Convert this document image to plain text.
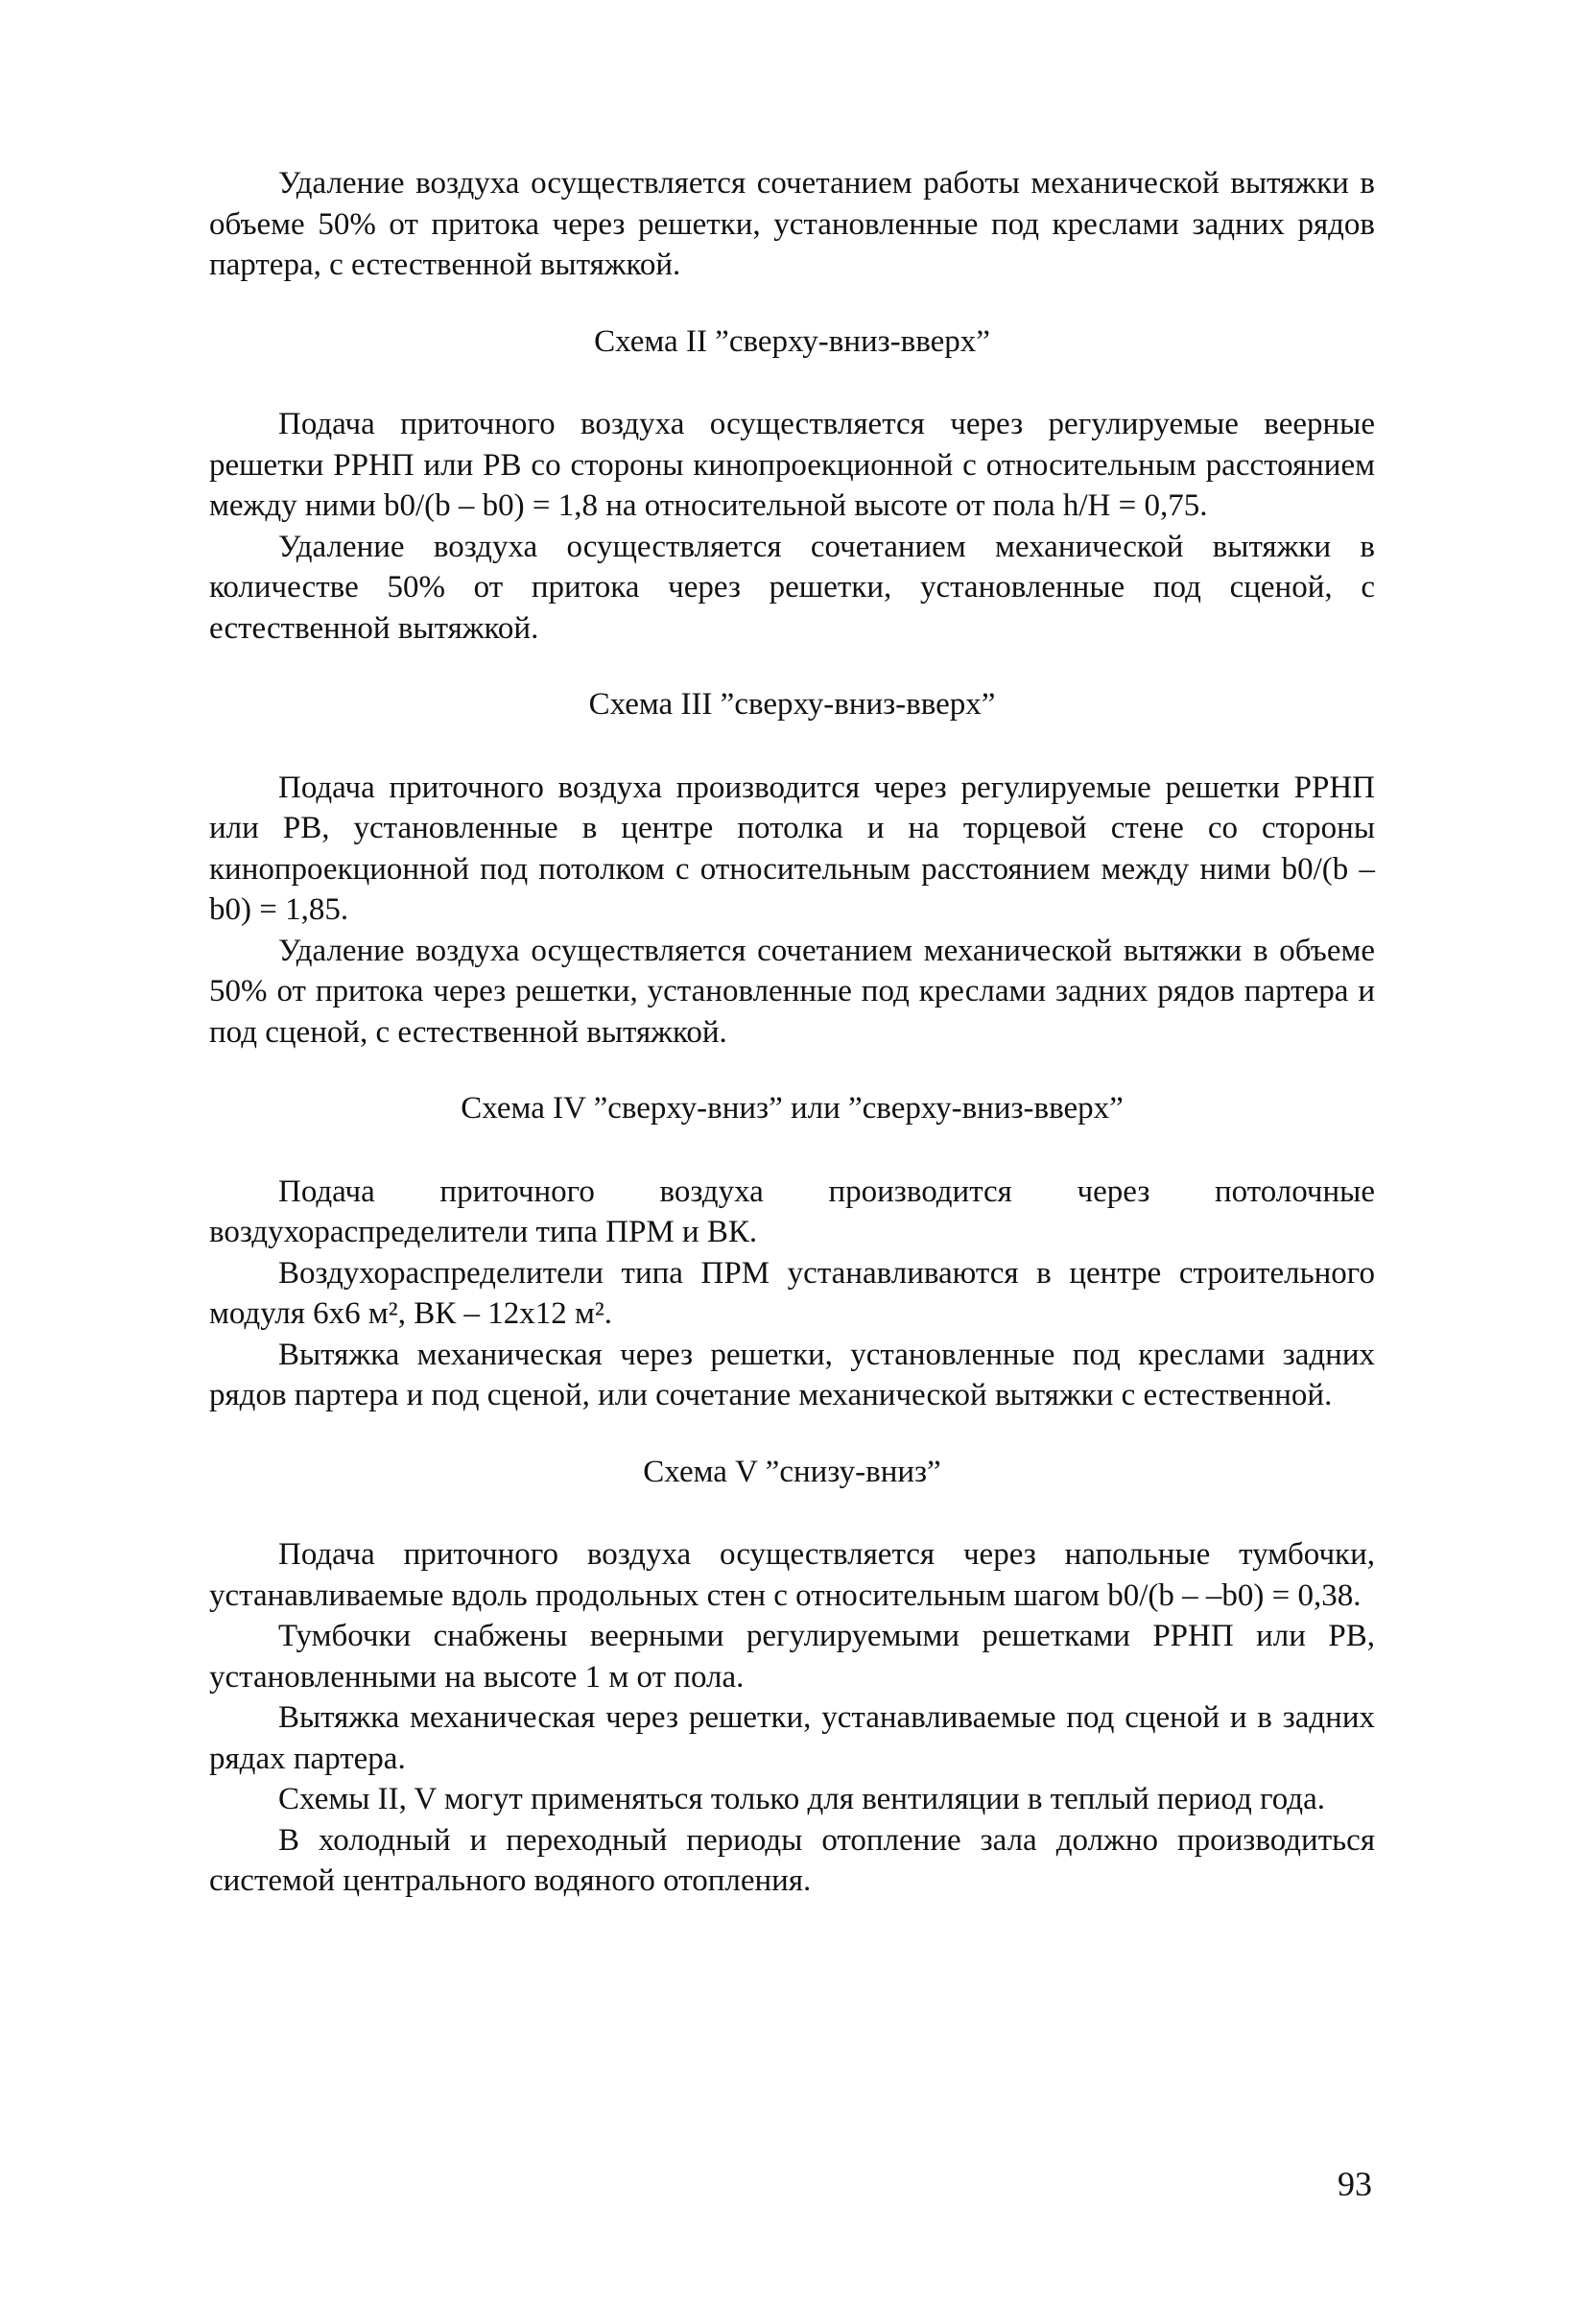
Удаление воздуха осуществляется сочетанием работы механической вытяжки в объеме 50% от притока через решетки, установленные под креслами задних рядов партера, с естественной вытяжкой.

Схема II ”сверху-вниз-вверх”

Подача приточного воздуха осуществляется через регулируемые веерные решетки РРНП или РВ со стороны кинопроекционной с относительным расстоянием между ними b0/(b – b0) = 1,8 на относительной высоте от пола h/H = 0,75.

Удаление воздуха осуществляется сочетанием механической вытяжки в количестве 50% от притока через решетки, установленные под сценой, с естественной вытяжкой.

Схема III ”сверху-вниз-вверх”

Подача приточного воздуха производится через регулируемые решетки РРНП или РВ, установленные в центре потолка и на торцевой стене со стороны кинопроекционной под потолком с относительным расстоянием между ними b0/(b – b0) = 1,85.

Удаление воздуха осуществляется сочетанием механической вытяжки в объеме 50% от притока через решетки, установленные под креслами задних рядов партера и под сценой, с естественной вытяжкой.

Схема IV ”сверху-вниз” или ”сверху-вниз-вверх”

Подача приточного воздуха производится через потолочные воздухораспределители типа ПРМ и ВК.

Воздухораспределители типа ПРМ устанавливаются в центре строительного модуля 6х6 м², ВК – 12х12 м².

Вытяжка механическая через решетки, установленные под креслами задних рядов партера и под сценой, или сочетание механической вытяжки с естественной.

Схема V ”снизу-вниз”

Подача приточного воздуха осуществляется через напольные тумбочки, устанавливаемые вдоль продольных стен с относительным шагом b0/(b – –b0) = 0,38.

Тумбочки снабжены веерными регулируемыми решетками РРНП или РВ, установленными на высоте 1 м от пола.

Вытяжка механическая через решетки, устанавливаемые под сценой и в задних рядах партера.

Схемы II, V могут применяться только для вентиляции в теплый период года.

В холодный и переходный периоды отопление зала должно производиться системой центрального водяного отопления.

93
